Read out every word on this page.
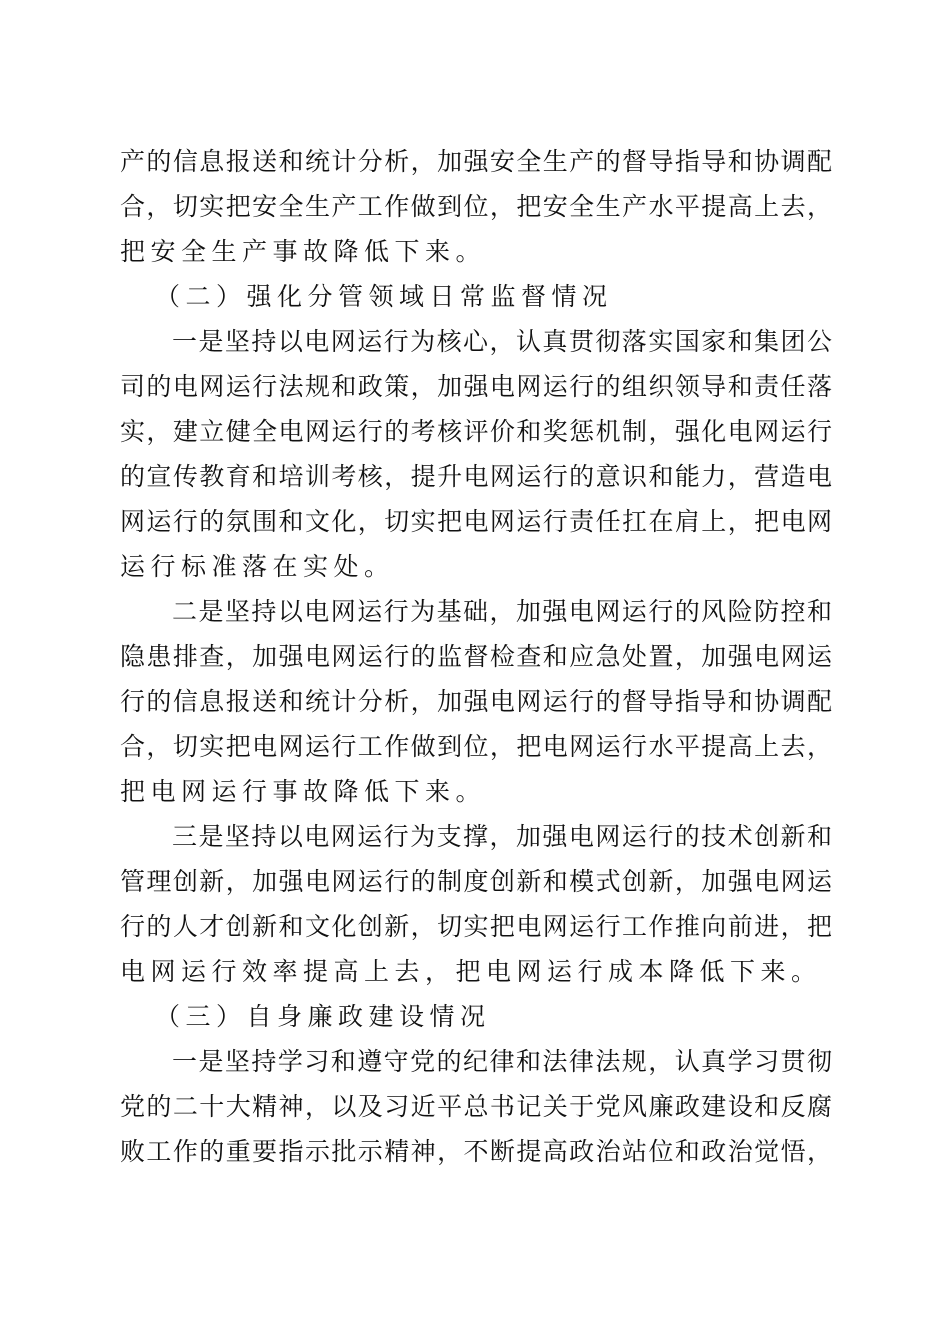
产的信息报送和统计分析，加强安全生产的督导指导和协调配
合，切实把安全生产工作做到位，把安全生产水平提高上去，
把安全生产事故降低下来。
（二）强化分管领域日常监督情况
一是坚持以电网运行为核心，认真贯彻落实国家和集团公
司的电网运行法规和政策，加强电网运行的组织领导和责任落
实，建立健全电网运行的考核评价和奖惩机制，强化电网运行
的宣传教育和培训考核，提升电网运行的意识和能力，营造电
网运行的氛围和文化，切实把电网运行责任扛在肩上，把电网
运行标准落在实处。
二是坚持以电网运行为基础，加强电网运行的风险防控和
隐患排查，加强电网运行的监督检查和应急处置，加强电网运
行的信息报送和统计分析，加强电网运行的督导指导和协调配
合，切实把电网运行工作做到位，把电网运行水平提高上去，
把电网运行事故降低下来。
三是坚持以电网运行为支撑，加强电网运行的技术创新和
管理创新，加强电网运行的制度创新和模式创新，加强电网运
行的人才创新和文化创新，切实把电网运行工作推向前进，把
电网运行效率提高上去，把电网运行成本降低下来。
（三）自身廉政建设情况
一是坚持学习和遵守党的纪律和法律法规，认真学习贯彻
党的二十大精神，以及习近平总书记关于党风廉政建设和反腐
败工作的重要指示批示精神，不断提高政治站位和政治觉悟，
